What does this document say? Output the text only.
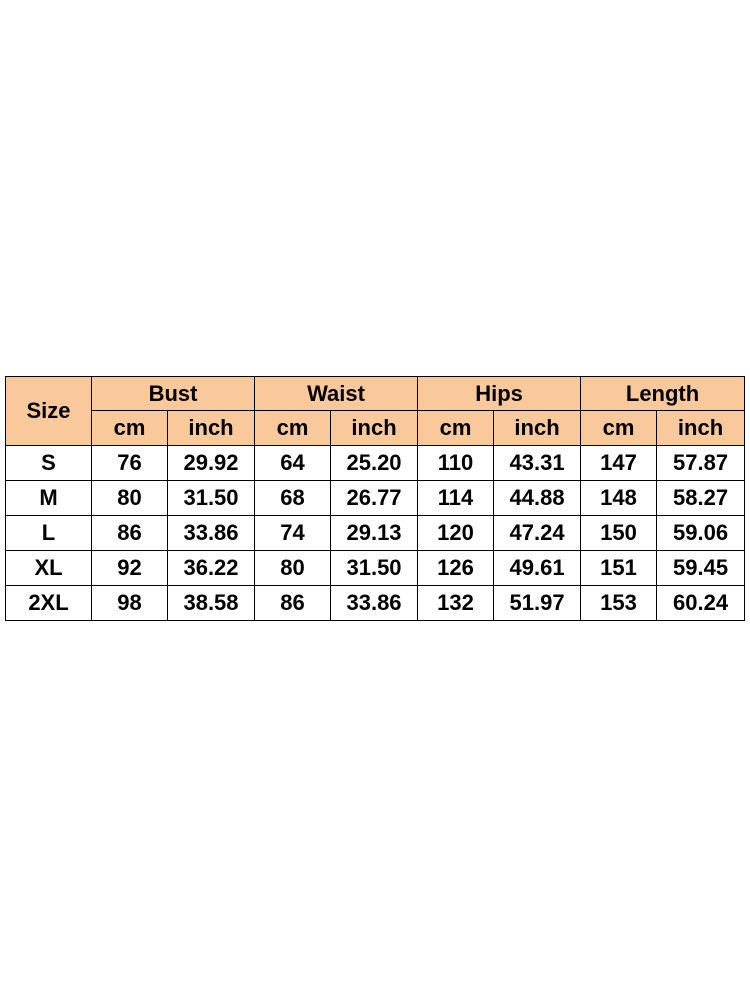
Size	Bust		Waist		Hips		Length	
	cm	inch	cm	inch	cm	inch	cm	inch
S	76	29.92	64	25.20	110	43.31	147	57.87
M	80	31.50	68	26.77	114	44.88	148	58.27
L	86	33.86	74	29.13	120	47.24	150	59.06
XL	92	36.22	80	31.50	126	49.61	151	59.45
2XL	98	38.58	86	33.86	132	51.97	153	60.24
